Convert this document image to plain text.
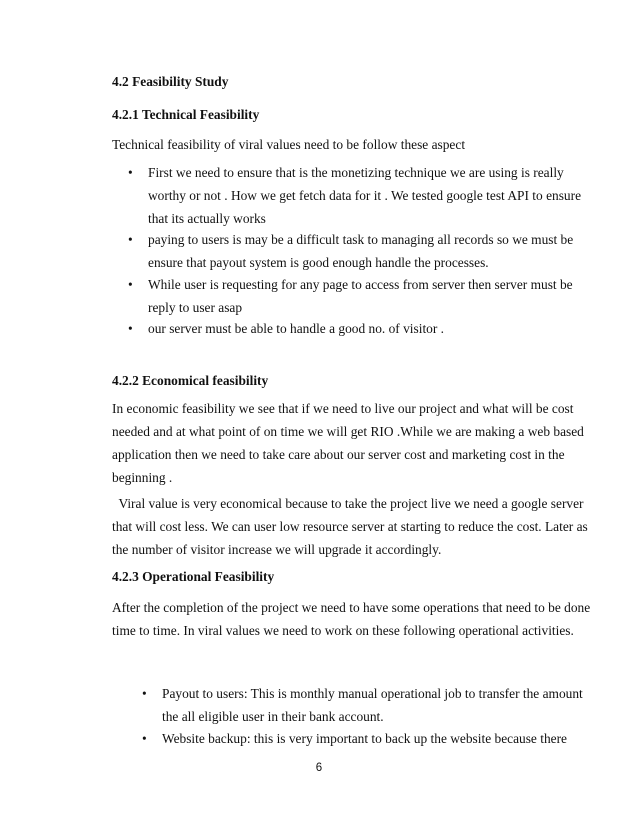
4.2 Feasibility Study
4.2.1 Technical Feasibility
Technical feasibility of viral values need to be follow these aspect
• First we need to ensure that is the monetizing technique we are using is really
worthy or not . How we get fetch data for it . We tested google test API to ensure
that its actually works
• paying to users is may be a difficult task to managing all records so we must be
ensure that payout system is good enough handle the processes.
• While user is requesting for any page to access from server then server must be
reply to user asap
• our server must be able to handle a good no. of visitor .
4.2.2 Economical feasibility
In economic feasibility we see that if we need to live our project and what will be cost
needed and at what point of on time we will get RIO .While we are making a web based
application then we need to take care about our server cost and marketing cost in the
beginning .
Viral value is very economical because to take the project live we need a google server
that will cost less. We can user low resource server at starting to reduce the cost. Later as
the number of visitor increase we will upgrade it accordingly.
4.2.3 Operational Feasibility
After the completion of the project we need to have some operations that need to be done
time to time. In viral values we need to work on these following operational activities.
• Payout to users: This is monthly manual operational job to transfer the amount
the all eligible user in their bank account.
• Website backup: this is very important to back up the website because there
6
